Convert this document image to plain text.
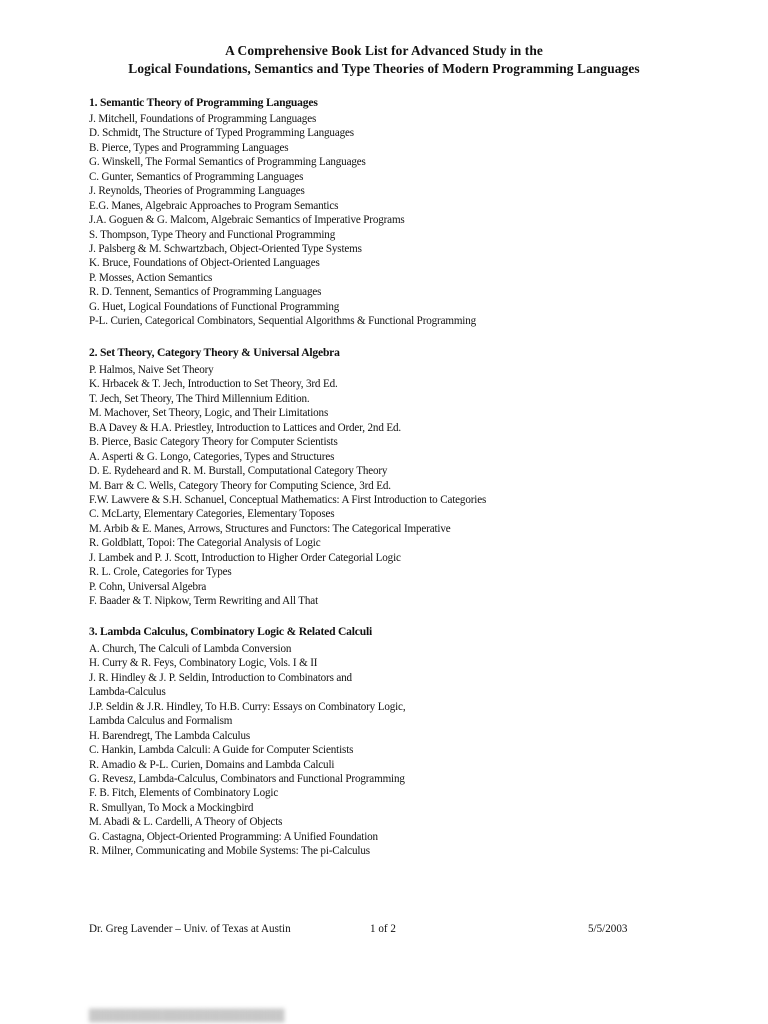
A Comprehensive Book List for Advanced Study in the
Logical Foundations, Semantics and Type Theories of Modern Programming Languages
1. Semantic Theory of Programming Languages
J. Mitchell, Foundations of Programming Languages
D. Schmidt, The Structure of Typed Programming Languages
B. Pierce, Types and Programming Languages
G. Winskell, The Formal Semantics of Programming Languages
C. Gunter, Semantics of Programming Languages
J. Reynolds, Theories of Programming Languages
E.G. Manes, Algebraic Approaches to Program Semantics
J.A. Goguen & G. Malcom, Algebraic Semantics of Imperative Programs
S. Thompson, Type Theory and Functional Programming
J. Palsberg & M. Schwartzbach, Object-Oriented Type Systems
K. Bruce, Foundations of Object-Oriented Languages
P. Mosses, Action Semantics
R. D. Tennent, Semantics of Programming Languages
G. Huet, Logical Foundations of Functional Programming
P-L. Curien, Categorical Combinators, Sequential Algorithms & Functional Programming
2. Set Theory, Category Theory & Universal Algebra
P. Halmos, Naive Set Theory
K. Hrbacek & T. Jech, Introduction to Set Theory, 3rd Ed.
T. Jech, Set Theory, The Third Millennium Edition.
M. Machover, Set Theory, Logic, and Their Limitations
B.A Davey & H.A. Priestley, Introduction to Lattices and Order, 2nd Ed.
B. Pierce, Basic Category Theory for Computer Scientists
A. Asperti & G. Longo, Categories, Types and Structures
D. E. Rydeheard and R. M. Burstall, Computational Category Theory
M. Barr & C. Wells, Category Theory for Computing Science, 3rd Ed.
F.W. Lawvere & S.H. Schanuel, Conceptual Mathematics: A First Introduction to Categories
C. McLarty, Elementary Categories, Elementary Toposes
M. Arbib & E. Manes, Arrows, Structures and Functors: The Categorical Imperative
R. Goldblatt, Topoi: The Categorial Analysis of Logic
J. Lambek and P. J. Scott, Introduction to Higher Order Categorial Logic
R. L. Crole, Categories for Types
P. Cohn, Universal Algebra
F. Baader & T. Nipkow, Term Rewriting and All That
3. Lambda Calculus, Combinatory Logic & Related Calculi
A. Church, The Calculi of Lambda Conversion
H. Curry & R. Feys, Combinatory Logic, Vols. I & II
J. R. Hindley & J. P. Seldin, Introduction to Combinators and
Lambda-Calculus
J.P. Seldin & J.R. Hindley, To H.B. Curry: Essays on Combinatory Logic,
Lambda Calculus and Formalism
H. Barendregt, The Lambda Calculus
C. Hankin, Lambda Calculi: A Guide for Computer Scientists
R. Amadio & P-L. Curien, Domains and Lambda Calculi
G. Revesz, Lambda-Calculus, Combinators and Functional Programming
F. B. Fitch, Elements of Combinatory Logic
R. Smullyan, To Mock a Mockingbird
M. Abadi & L. Cardelli, A Theory of Objects
G. Castagna, Object-Oriented Programming: A Unified Foundation
R. Milner, Communicating and Mobile Systems: The pi-Calculus
Dr. Greg Lavender – Univ. of Texas at Austin	1 of 2	5/5/2003
████████████████████████
